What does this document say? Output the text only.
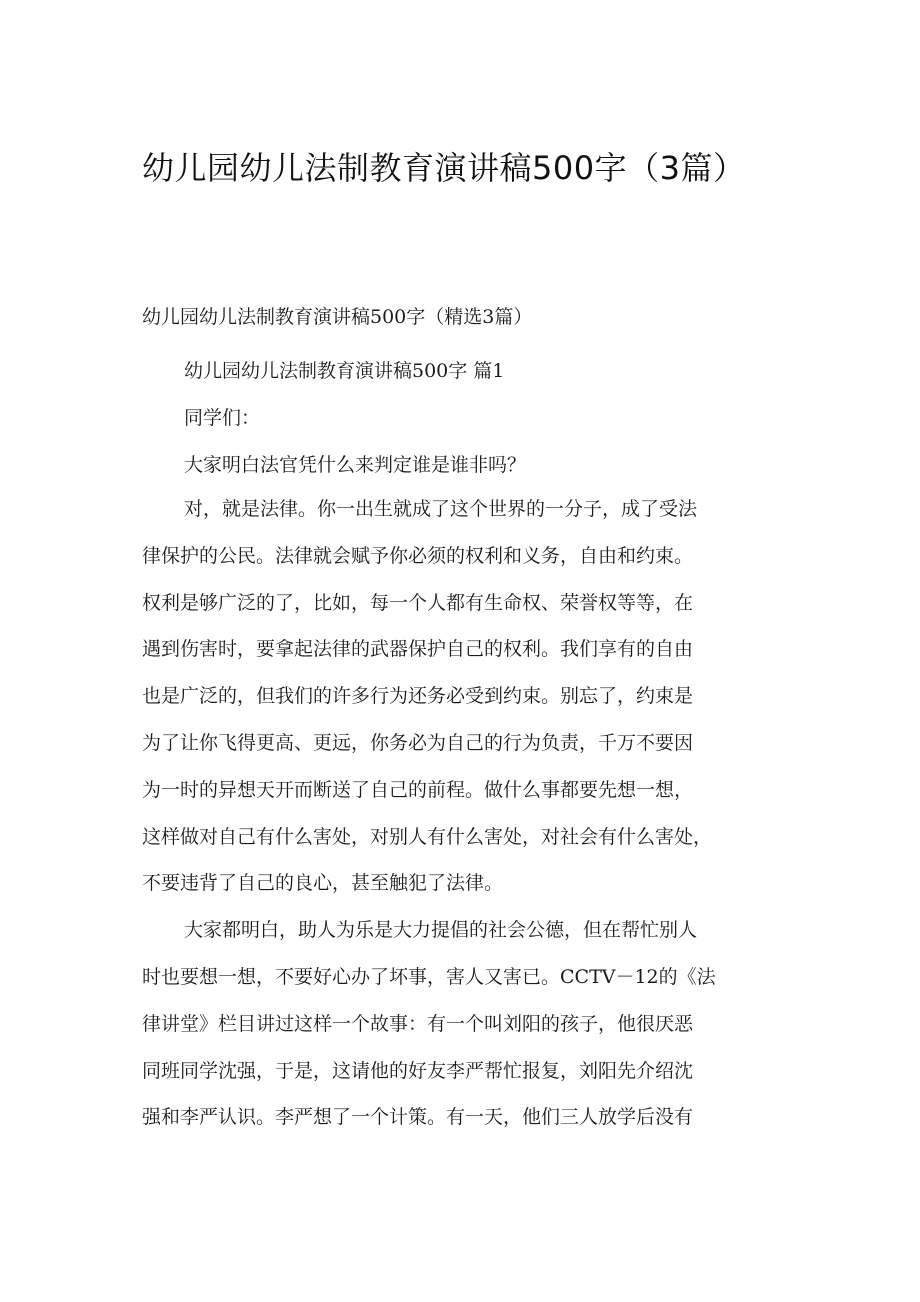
幼儿园幼儿法制教育演讲稿500字（3篇）
幼儿园幼儿法制教育演讲稿500字（精选3篇）

幼儿园幼儿法制教育演讲稿500字 篇1

同学们：

大家明白法官凭什么来判定谁是谁非吗？

对，就是法律。你一出生就成了这个世界的一分子，成了受法

律保护的公民。法律就会赋予你必须的权利和义务，自由和约束。

权利是够广泛的了，比如，每一个人都有生命权、荣誉权等等，在

遇到伤害时，要拿起法律的武器保护自己的权利。我们享有的自由

也是广泛的，但我们的许多行为还务必受到约束。别忘了，约束是

为了让你飞得更高、更远，你务必为自己的行为负责，千万不要因

为一时的异想天开而断送了自己的前程。做什么事都要先想一想，

这样做对自己有什么害处，对别人有什么害处，对社会有什么害处，

不要违背了自己的良心，甚至触犯了法律。

大家都明白，助人为乐是大力提倡的社会公德，但在帮忙别人

时也要想一想，不要好心办了坏事，害人又害已。CCTV－12的《法

律讲堂》栏目讲过这样一个故事：有一个叫刘阳的孩子，他很厌恶

同班同学沈强，于是，这请他的好友李严帮忙报复，刘阳先介绍沈

强和李严认识。李严想了一个计策。有一天，他们三人放学后没有
